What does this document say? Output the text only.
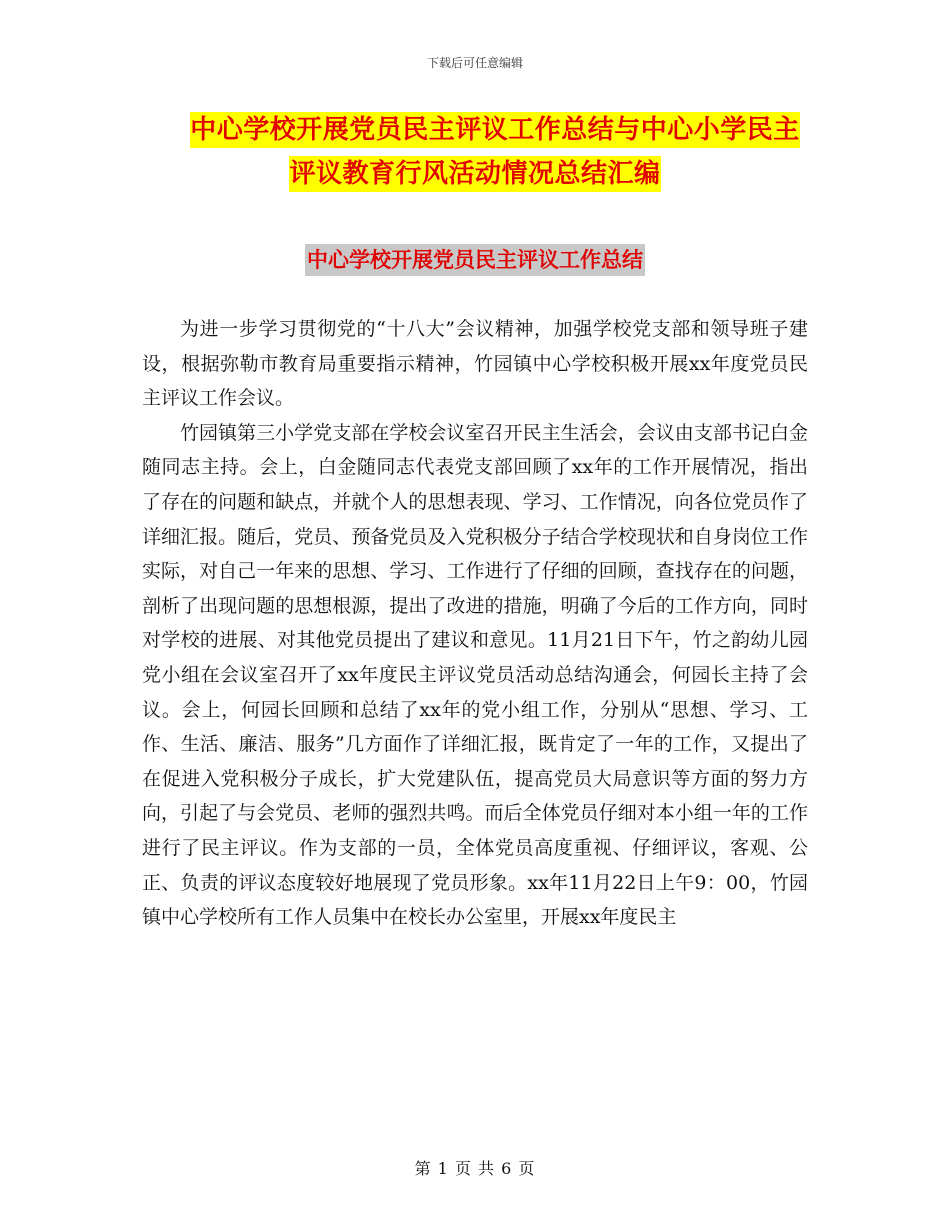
下载后可任意编辑
中心学校开展党员民主评议工作总结与中心小学民主
评议教育行风活动情况总结汇编
中心学校开展党员民主评议工作总结

为进一步学习贯彻党的“十八大”会议精神，加强学校党支部和领导班子建设，根据弥勒市教育局重要指示精神，竹园镇中心学校积极开展xx年度党员民主评议工作会议。

竹园镇第三小学党支部在学校会议室召开民主生活会，会议由支部书记白金随同志主持。会上，白金随同志代表党支部回顾了xx年的工作开展情况，指出了存在的问题和缺点，并就个人的思想表现、学习、工作情况，向各位党员作了详细汇报。随后，党员、预备党员及入党积极分子结合学校现状和自身岗位工作实际，对自己一年来的思想、学习、工作进行了仔细的回顾，查找存在的问题，剖析了出现问题的思想根源，提出了改进的措施，明确了今后的工作方向，同时对学校的进展、对其他党员提出了建议和意见。11月21日下午，竹之韵幼儿园党小组在会议室召开了xx年度民主评议党员活动总结沟通会，何园长主持了会议。会上，何园长回顾和总结了xx年的党小组工作，分别从“思想、学习、工作、生活、廉洁、服务”几方面作了详细汇报，既肯定了一年的工作，又提出了在促进入党积极分子成长，扩大党建队伍，提高党员大局意识等方面的努力方向，引起了与会党员、老师的强烈共鸣。而后全体党员仔细对本小组一年的工作进行了民主评议。作为支部的一员，全体党员高度重视、仔细评议，客观、公正、负责的评议态度较好地展现了党员形象。xx年11月22日上午9：00，竹园镇中心学校所有工作人员集中在校长办公室里，开展xx年度民主

第 1 页 共 6 页
